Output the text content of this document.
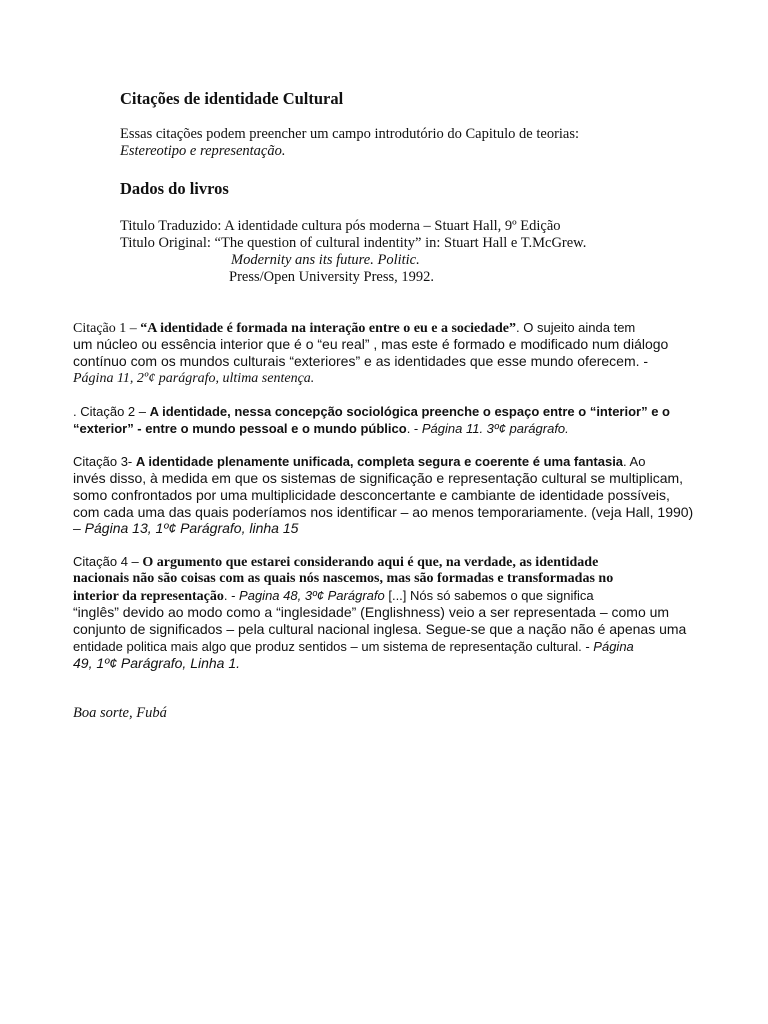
Citações de identidade Cultural
Essas citações podem preencher um campo introdutório do Capitulo de teorias:
Estereotipo e representação.
Dados do livros
Titulo Traduzido: A identidade cultura pós moderna – Stuart Hall, 9º Edição
Titulo Original: “The question of cultural indentity” in: Stuart Hall e T.McGrew.
Modernity ans its future. Politic.
Press/Open University Press, 1992.
Citação 1 – “A identidade é formada na interação entre o eu e a sociedade”. O sujeito ainda tem
um núcleo ou essência interior que é o “eu real” , mas este é formado e modificado num diálogo
contínuo com os mundos culturais “exteriores” e as identidades que esse mundo oferecem. -
Página 11, 2º¢ parágrafo, ultima sentença.
. Citação 2 – A identidade, nessa concepção sociológica preenche o espaço entre o “interior” e o
“exterior” - entre o mundo pessoal e o mundo público. - Página 11. 3º¢ parágrafo.
Citação 3- A identidade plenamente unificada, completa segura e coerente é uma fantasia. Ao
invés disso, à medida em que os sistemas de significação e representação cultural se multiplicam,
somo confrontados por uma multiplicidade desconcertante e cambiante de identidade possíveis,
com cada uma das quais poderíamos nos identificar – ao menos temporariamente. (veja Hall, 1990)
– Página 13, 1º¢ Parágrafo, linha 15
Citação 4 – O argumento que estarei considerando aqui é que, na verdade, as identidade
nacionais não são coisas com as quais nós nascemos, mas são formadas e transformadas no
interior da representação. - Pagina 48, 3º¢ Parágrafo [...] Nós só sabemos o que significa
“inglês” devido ao modo como a “inglesidade” (Englishness) veio a ser representada – como um
conjunto de significados – pela cultural nacional inglesa. Segue-se que a nação não é apenas uma
entidade politica mais algo que produz sentidos – um sistema de representação cultural. - Página
49, 1º¢ Parágrafo, Linha 1.
Boa sorte, Fubá
